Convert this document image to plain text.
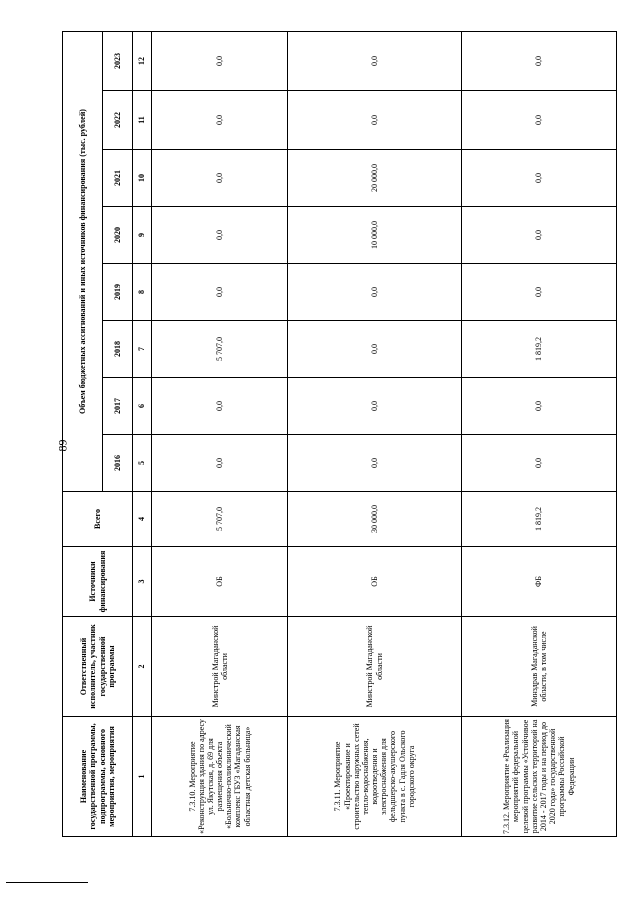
89
Наименование государственной программы, подпрограммы, основного мероприятия, мероприятия	Ответственный исполнитель, участник государственной программы	Источники финансирования	Всего	Объем бюджетных ассигнований и иных источников финансирования (тыс. рублей)							
				2016	2017	2018	2019	2020	2021	2022	2023
1	2	3	4	5	6	7	8	9	10	11	12
7.3.10. Мероприятие «Реконструкция здания по адресу ул. Якутская, д. 69 для размещения объекта «Больнично-поликлинический комплекс ГБУЗ «Магаданская областная детская больница»	Минстрой Магаданской области	ОБ	5 707,0	0,0	0,0	5 707,0	0,0	0,0	0,0	0,0	0,0
7.3.11. Мероприятие «Проектирование и строительство наружных сетей тепло-водоснабжения, водоотведения и электроснабжения для фельдшерско-акушерского пункта в с. Гадля Ольского городского округа	Минстрой Магаданской области	ОБ	30 000,0	0,0	0,0	0,0	0,0	10 000,0	20 000,0	0,0	0,0
7.3.12. Мероприятие «Реализация мероприятий федеральной целевой программы «Устойчивое развитие сельских территорий на 2014 - 2017 годы и на период до 2020 года» государственной программы Российской Федерации	Минздрав Магаданской области, в том числе	ФБ	1 819,2	0,0	0,0	1 819,2	0,0	0,0	0,0	0,0	0,0
